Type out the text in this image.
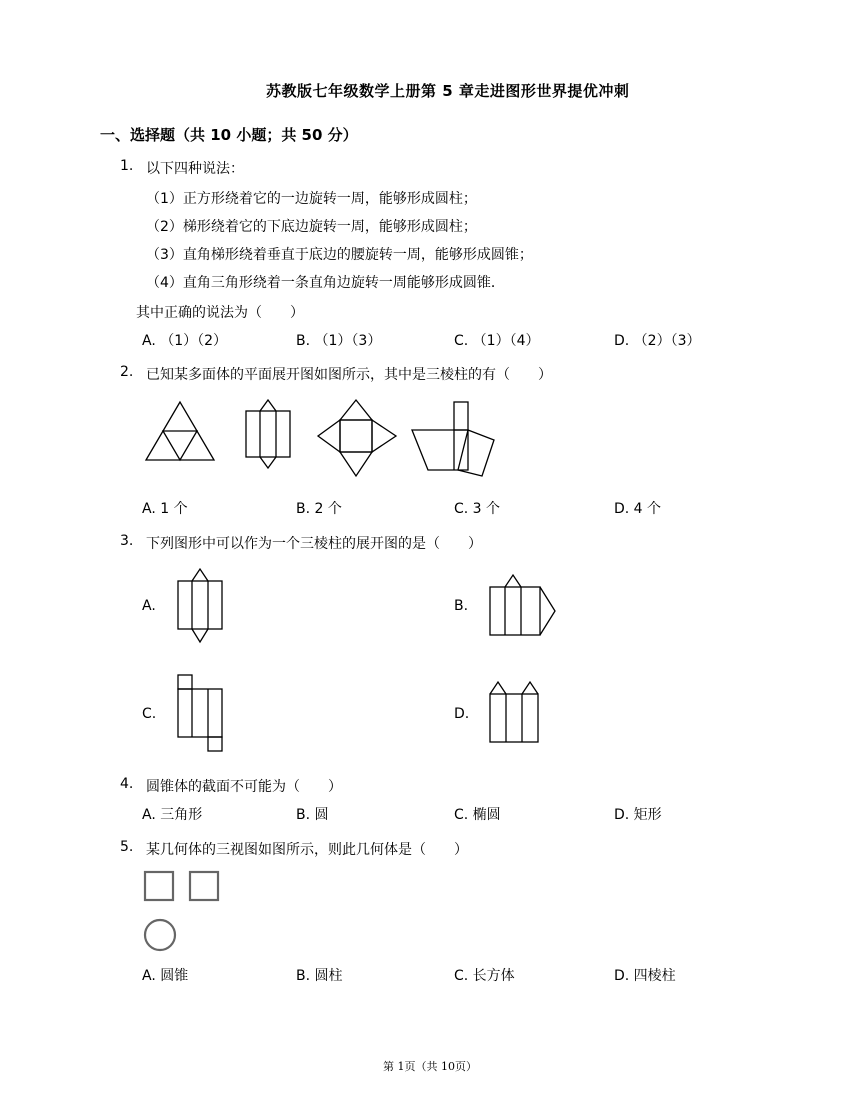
苏教版七年级数学上册第 5 章走进图形世界提优冲刺
一、选择题（共 10 小题；共 50 分）
1. 以下四种说法：
（1）正方形绕着它的一边旋转一周，能够形成圆柱；
（2）梯形绕着它的下底边旋转一周，能够形成圆柱；
（3）直角梯形绕着垂直于底边的腰旋转一周，能够形成圆锥；
（4）直角三角形绕着一条直角边旋转一周能够形成圆锥．
其中正确的说法为（　　）
A. （1）（2）	B. （1）（3）	C. （1）（4）	D. （2）（3）
2. 已知某多面体的平面展开图如图所示，其中是三棱柱的有（　　）
A. 1 个	B. 2 个	C. 3 个	D. 4 个
3. 下列图形中可以作为一个三棱柱的展开图的是（　　）
A.	B.
C.	D.
4. 圆锥体的截面不可能为（　　）
A. 三角形	B. 圆	C. 椭圆	D. 矩形
5. 某几何体的三视图如图所示，则此几何体是（　　）
A. 圆锥	B. 圆柱	C. 长方体	D. 四棱柱
第 1页（共 10页）
